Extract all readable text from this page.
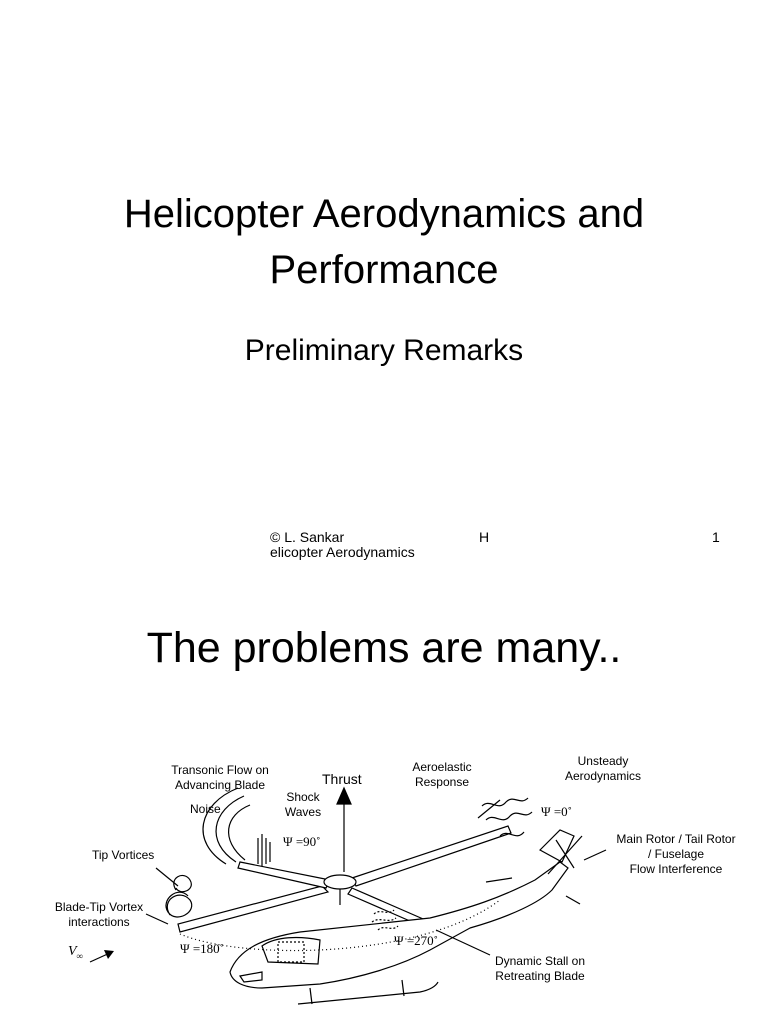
Helicopter Aerodynamics and
Performance
Preliminary Remarks
© L. Sankar	H	1
elicopter Aerodynamics
The problems are many..
Transonic Flow on
Advancing Blade	Thrust
Aeroelastic
Response
Unsteady
Aerodynamics
Noise
Shock
Waves	Ψ =0˚
Ψ =90˚
Ψ =180˚
Ψ =270˚
Main Rotor / Tail Rotor
/ Fuselage
Flow Interference
Tip Vortices
Blade-Tip Vortex
interactions
$V_\infty$	Dynamic Stall on
Retreating Blade
